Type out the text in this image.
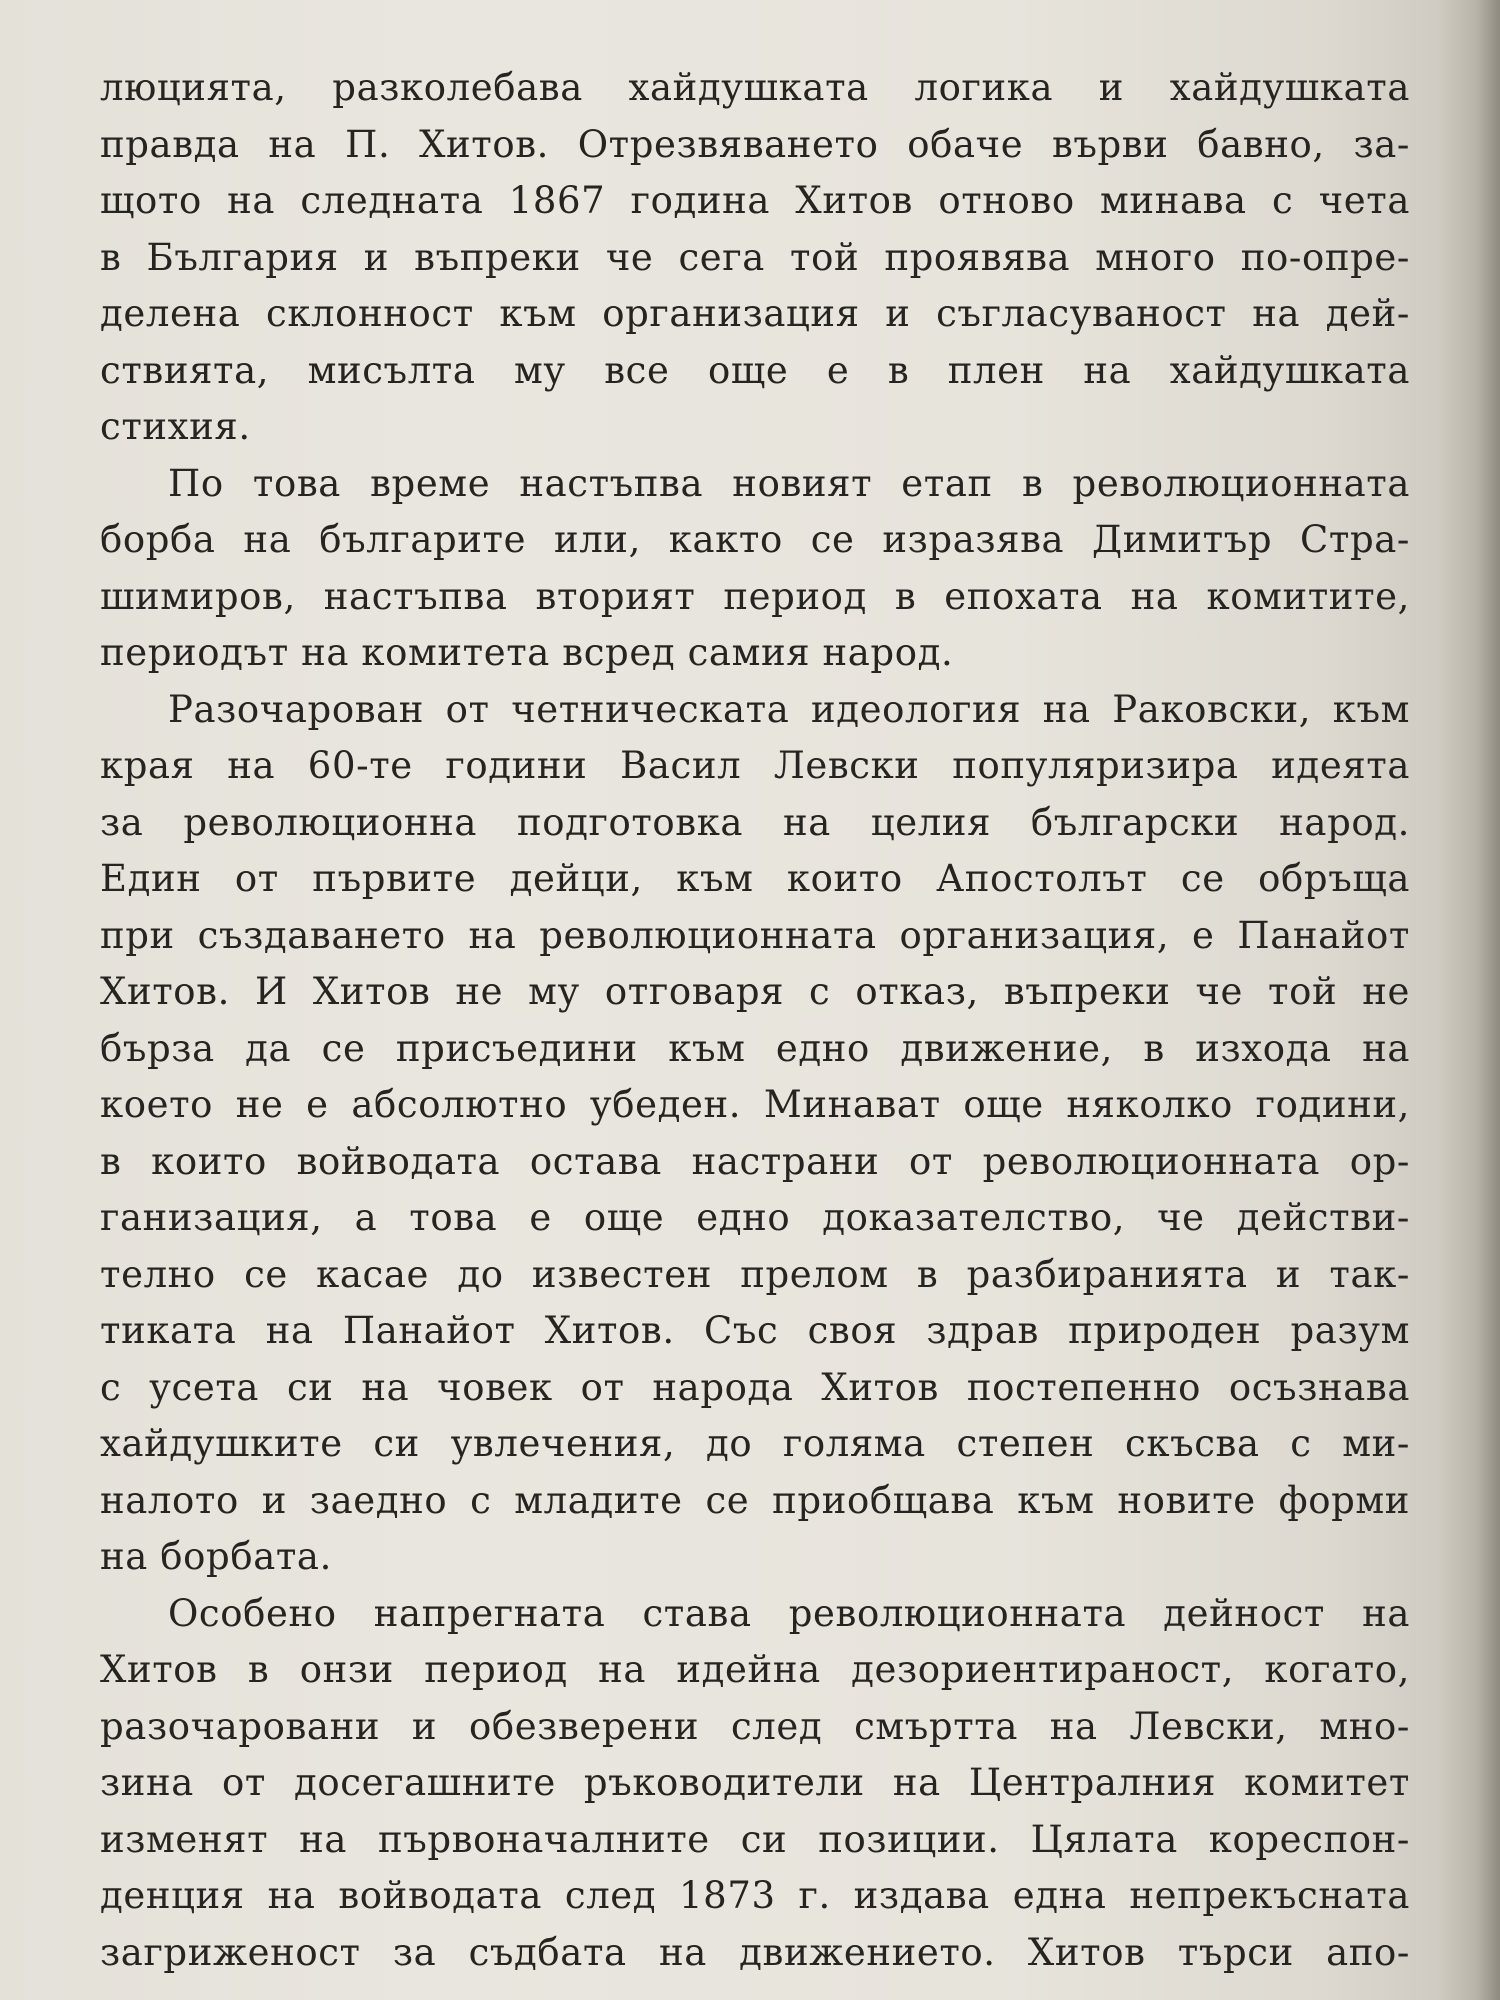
люцията, разколебава хайдушката логика и хайдушката
правда на П. Хитов. Отрезвяването обаче върви бавно, за-
щото на следната 1867 година Хитов отново минава с чета
в България и въпреки че сега той проявява много по-опре-
делена склонност към организация и съгласуваност на дей-
ствията, мисълта му все още е в плен на хайдушката
стихия.
По това време настъпва новият етап в революционната
борба на българите или, както се изразява Димитър Стра-
шимиров, настъпва вторият период в епохата на комитите,
периодът на комитета всред самия народ.
Разочарован от четническата идеология на Раковски, към
края на 60-те години Васил Левски популяризира идеята
за революционна подготовка на целия български народ.
Един от първите дейци, към които Апостолът се обръща
при създаването на революционната организация, е Панайот
Хитов. И Хитов не му отговаря с отказ, въпреки че той не
бърза да се присъедини към едно движение, в изхода на
което не е абсолютно убеден. Минават още няколко години,
в които войводата остава настрани от революционната ор-
ганизация, а това е още едно доказателство, че действи-
телно се касае до известен прелом в разбиранията и так-
тиката на Панайот Хитов. Със своя здрав природен разум
с усета си на човек от народа Хитов постепенно осъзнава
хайдушките си увлечения, до голяма степен скъсва с ми-
налото и заедно с младите се приобщава към новите форми
на борбата.
Особено напрегната става революционната дейност на
Хитов в онзи период на идейна дезориентираност, когато,
разочаровани и обезверени след смъртта на Левски, мно-
зина от досегашните ръководители на Централния комитет
изменят на първоначалните си позиции. Цялата кореспон-
денция на войводата след 1873 г. издава една непрекъсната
загриженост за съдбата на движението. Хитов търси апо-
